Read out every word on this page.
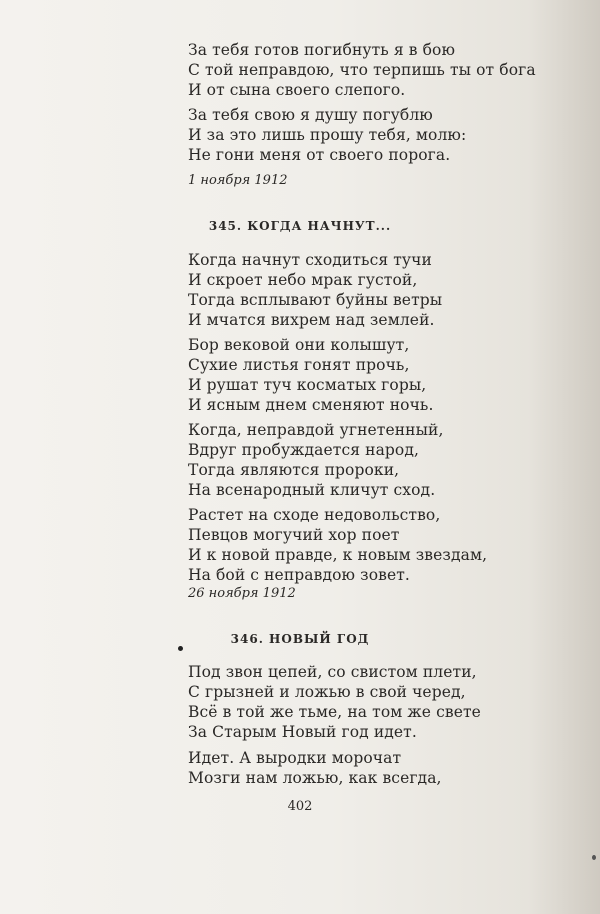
За тебя готов погибнуть я в бою
С той неправдою, что терпишь ты от бога
И от сына своего слепого.
За тебя свою я душу погублю
И за это лишь прошу тебя, молю:
Не гони меня от своего порога.
1 ноября 1912
345. КОГДА НАЧНУТ...
Когда начнут сходиться тучи
И скроет небо мрак густой,
Тогда всплывают буйны ветры
И мчатся вихрем над землей.
Бор вековой они колышут,
Сухие листья гонят прочь,
И рушат туч косматых горы,
И ясным днем сменяют ночь.
Когда, неправдой угнетенный,
Вдруг пробуждается народ,
Тогда являются пророки,
На всенародный кличут сход.
Растет на сходе недовольство,
Певцов могучий хор поет
И к новой правде, к новым звездам,
На бой с неправдою зовет.
26 ноября 1912
346. НОВЫЙ ГОД
Под звон цепей, со свистом плети,
С грызней и ложью в свой черед,
Всё в той же тьме, на том же свете
За Старым Новый год идет.
Идет. А выродки морочат
Мозги нам ложью, как всегда,
402
